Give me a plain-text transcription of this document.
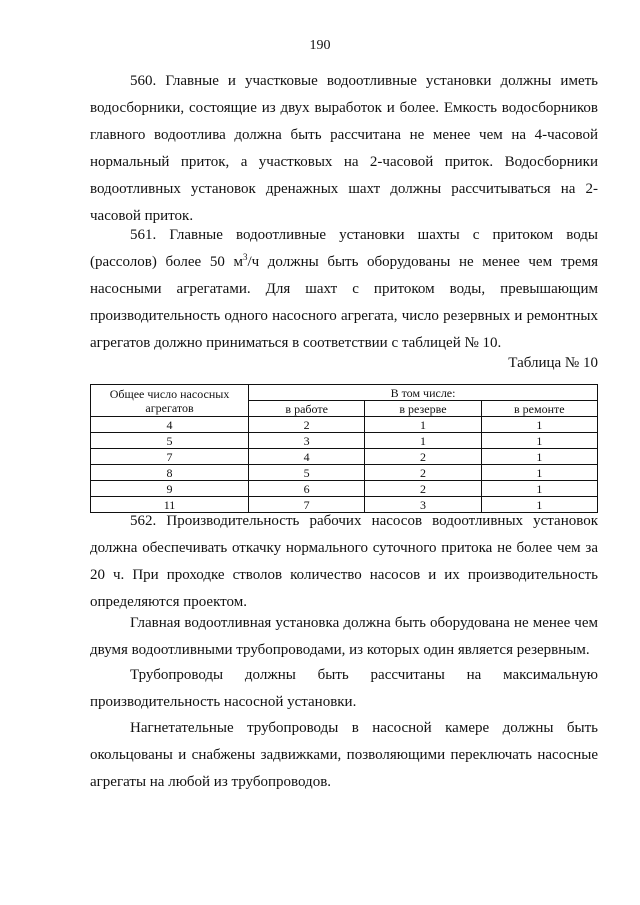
190

560. Главные и участковые водоотливные установки должны иметь водосборники, состоящие из двух выработок и более. Емкость водосборников главного водоотлива должна быть рассчитана не менее чем на 4-часовой нормальный приток, а участковых на 2-часовой приток. Водосборники водоотливных установок дренажных шахт должны рассчитываться на 2-часовой приток.

561. Главные водоотливные установки шахты с притоком воды (рассолов) более 50 $м^3/ч$ должны быть оборудованы не менее чем тремя насосными агрегатами. Для шахт с притоком воды, превышающим производительность одного насосного агрегата, число резервных и ремонтных агрегатов должно приниматься в соответствии с таблицей № 10.

Таблица № 10
Общее число насосных агрегатов	В том числе:		
	в работе	в резерве	в ремонте
4	2	1	1
5	3	1	1
7	4	2	1
8	5	2	1
9	6	2	1
11	7	3	1

562. Производительность рабочих насосов водоотливных установок должна обеспечивать откачку нормального суточного притока не более чем за 20 ч. При проходке стволов количество насосов и их производительность определяются проектом.

Главная водоотливная установка должна быть оборудована не менее чем двумя водоотливными трубопроводами, из которых один является резервным.

Трубопроводы должны быть рассчитаны на максимальную производительность насосной установки.

Нагнетательные трубопроводы в насосной камере должны быть окольцованы и снабжены задвижками, позволяющими переключать насосные агрегаты на любой из трубопроводов.
